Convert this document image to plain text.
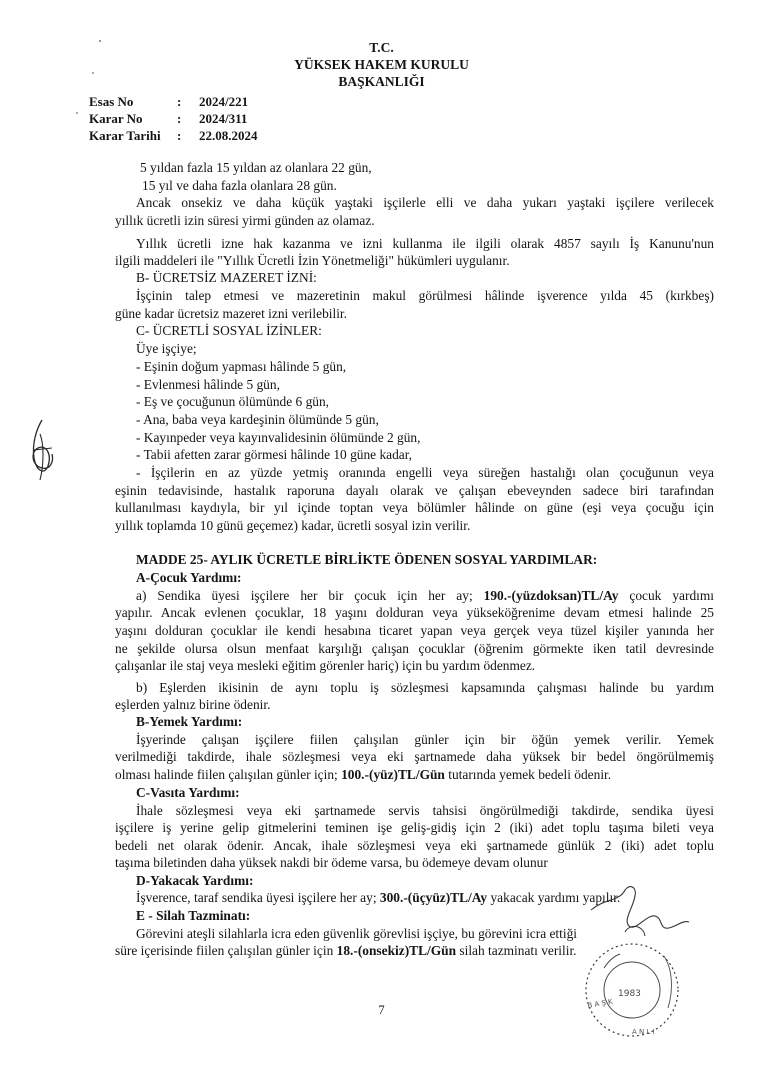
T.C.
YÜKSEK HAKEM KURULU
BAŞKANLIĞI
Esas No	: 2024/221
Karar No	: 2024/311
Karar Tarihi : 22.08.2024
5 yıldan fazla 15 yıldan az olanlara 22 gün,
15 yıl ve daha fazla olanlara 28 gün.
Ancak onsekiz ve daha küçük yaştaki işçilerle elli ve daha yukarı yaştaki işçilere verilecek
yıllık ücretli izin süresi yirmi günden az olamaz.
Yıllık ücretli izne hak kazanma ve izni kullanma ile ilgili olarak 4857 sayılı İş Kanunu'nun
ilgili maddeleri ile "Yıllık Ücretli İzin Yönetmeliği" hükümleri uygulanır.
B- ÜCRETSİZ MAZERET İZNİ:
İşçinin talep etmesi ve mazeretinin makul görülmesi hâlinde işverence yılda 45 (kırkbeş)
güne kadar ücretsiz mazeret izni verilebilir.
C- ÜCRETLİ SOSYAL İZİNLER:
Üye işçiye;
- Eşinin doğum yapması hâlinde 5 gün,
- Evlenmesi hâlinde 5 gün,
- Eş ve çocuğunun ölümünde 6 gün,
- Ana, baba veya kardeşinin ölümünde 5 gün,
- Kayınpeder veya kayınvalidesinin ölümünde 2 gün,
- Tabii afetten zarar görmesi hâlinde 10 güne kadar,
- İşçilerin en az yüzde yetmiş oranında engelli veya süreğen hastalığı olan çocuğunun veya
eşinin tedavisinde, hastalık raporuna dayalı olarak ve çalışan ebeveynden sadece biri tarafından
kullanılması kaydıyla, bir yıl içinde toptan veya bölümler hâlinde on güne (eşi veya çocuğu için
yıllık toplamda 10 günü geçemez) kadar, ücretli sosyal izin verilir.
MADDE 25- AYLIK ÜCRETLE BİRLİKTE ÖDENEN SOSYAL YARDIMLAR:
A-Çocuk Yardımı:
a) Sendika üyesi işçilere her bir çocuk için her ay; 190.-(yüzdoksan)TL/Ay çocuk yardımı
yapılır. Ancak evlenen çocuklar, 18 yaşını dolduran veya yükseköğrenime devam etmesi halinde 25
yaşını dolduran çocuklar ile kendi hesabına ticaret yapan veya gerçek veya tüzel kişiler yanında her
ne şekilde olursa olsun menfaat karşılığı çalışan çocuklar (öğrenim görmekte iken tatil devresinde
çalışanlar ile staj veya mesleki eğitim görenler hariç) için bu yardım ödenmez.
b) Eşlerden ikisinin de aynı toplu iş sözleşmesi kapsamında çalışması halinde bu yardım
eşlerden yalnız birine ödenir.
B-Yemek Yardımı:
İşyerinde çalışan işçilere fiilen çalışılan günler için bir öğün yemek verilir. Yemek
verilmediği takdirde, ihale sözleşmesi veya eki şartnamede daha yüksek bir bedel öngörülmemiş
olması halinde fiilen çalışılan günler için; 100.-(yüz)TL/Gün tutarında yemek bedeli ödenir.
C-Vasıta Yardımı:
İhale sözleşmesi veya eki şartnamede servis tahsisi öngörülmediği takdirde, sendika üyesi
işçilere iş yerine gelip gitmelerini teminen işe geliş-gidiş için 2 (iki) adet toplu taşıma bileti veya
bedeli net olarak ödenir. Ancak, ihale sözleşmesi veya eki şartnamede günlük 2 (iki) adet toplu
taşıma biletinden daha yüksek nakdi bir ödeme varsa, bu ödemeye devam olunur
D-Yakacak Yardımı:
İşverence, taraf sendika üyesi işçilere her ay; 300.-(üçyüz)TL/Ay yakacak yardımı yapılır.
E - Silah Tazminatı:
Görevini ateşli silahlarla icra eden güvenlik görevlisi işçiye, bu görevini icra ettiği
süre içerisinde fiilen çalışılan günler için 18.-(onsekiz)TL/Gün silah tazminatı verilir.
7
1983
B A Ş K
A N L I
